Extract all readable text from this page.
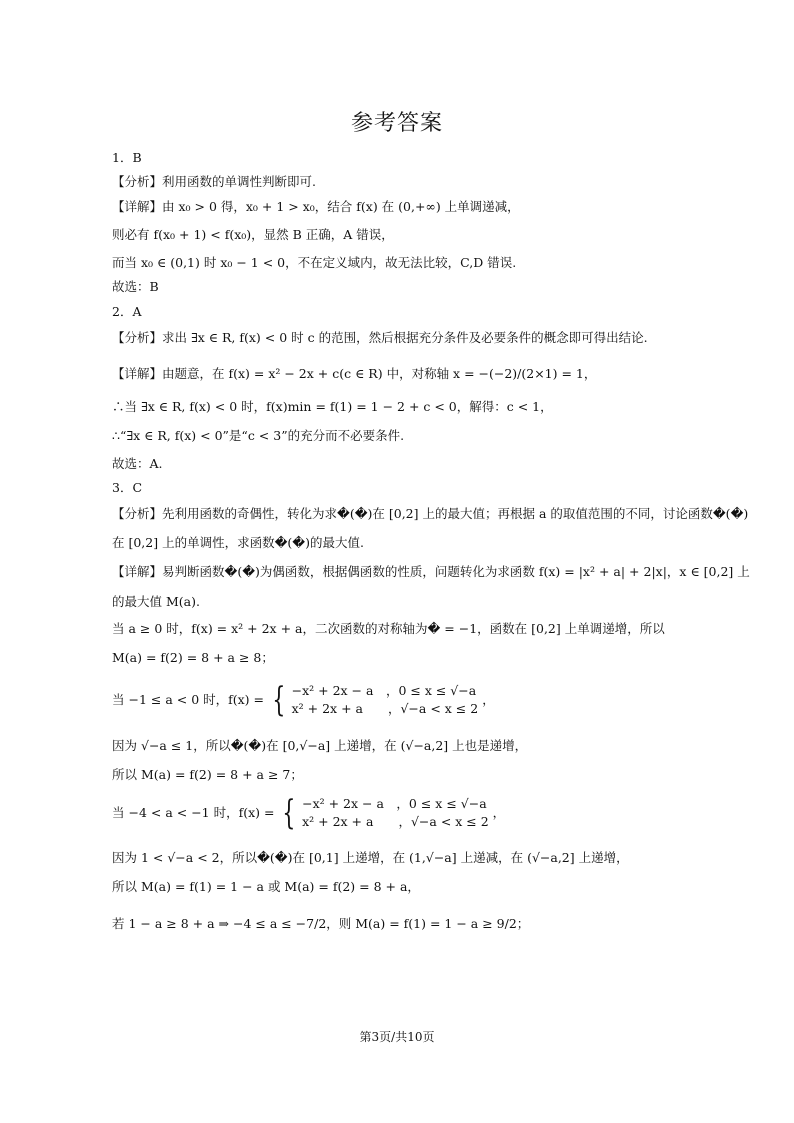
参考答案
1．B
【分析】利用函数的单调性判断即可.
【详解】由 x₀ > 0 得，x₀ + 1 > x₀，结合 f(x) 在 (0,+∞) 上单调递减，
则必有 f(x₀ + 1) < f(x₀)，显然 B 正确，A 错误，
而当 x₀ ∈ (0,1) 时 x₀ − 1 < 0，不在定义域内，故无法比较，C,D 错误.
故选：B
2．A
【分析】求出 ∃x ∈ R, f(x) < 0 时 c 的范围，然后根据充分条件及必要条件的概念即可得出结论.
【详解】由题意，在 f(x) = x² − 2x + c(c ∈ R) 中，对称轴 x = −(−2)/(2×1) = 1，
∴当 ∃x ∈ R, f(x) < 0 时，f(x)min = f(1) = 1 − 2 + c < 0，解得：c < 1，
∴“∃x ∈ R, f(x) < 0”是“c < 3”的充分而不必要条件.
故选：A.
3．C
【分析】先利用函数的奇偶性，转化为求�(�)在 [0,2] 上的最大值；再根据 a 的取值范围的不同，讨论函数�(�)
在 [0,2] 上的单调性，求函数�(�)的最大值.
【详解】易判断函数�(�)为偶函数，根据偶函数的性质，问题转化为求函数 f(x) = |x² + a| + 2|x|，x ∈ [0,2] 上
的最大值 M(a).
当 a ≥ 0 时，f(x) = x² + 2x + a，二次函数的对称轴为� = −1，函数在 [0,2] 上单调递增，所以
M(a) = f(2) = 8 + a ≥ 8；
因为 √−a ≤ 1，所以�(�)在 [0,√−a] 上递增，在 (√−a,2] 上也是递增，
所以 M(a) = f(2) = 8 + a ≥ 7；
因为 1 < √−a < 2，所以�(�)在 [0,1] 上递增，在 (1,√−a] 上递减，在 (√−a,2] 上递增，
所以 M(a) = f(1) = 1 − a 或 M(a) = f(2) = 8 + a，
若 1 − a ≥ 8 + a ⇒ −4 ≤ a ≤ −7/2，则 M(a) = f(1) = 1 − a ≥ 9/2；
当 −1 ≤ a < 0 时，f(x) = { −x² + 2x − a　，0 ≤ x ≤ √−a
x² + 2x + a　　，√−a < x ≤ 2
，
当 −4 < a < −1 时，f(x) = { −x² + 2x − a　，0 ≤ x ≤ √−a
x² + 2x + a　　，√−a < x ≤ 2
，
第3页/共10页
